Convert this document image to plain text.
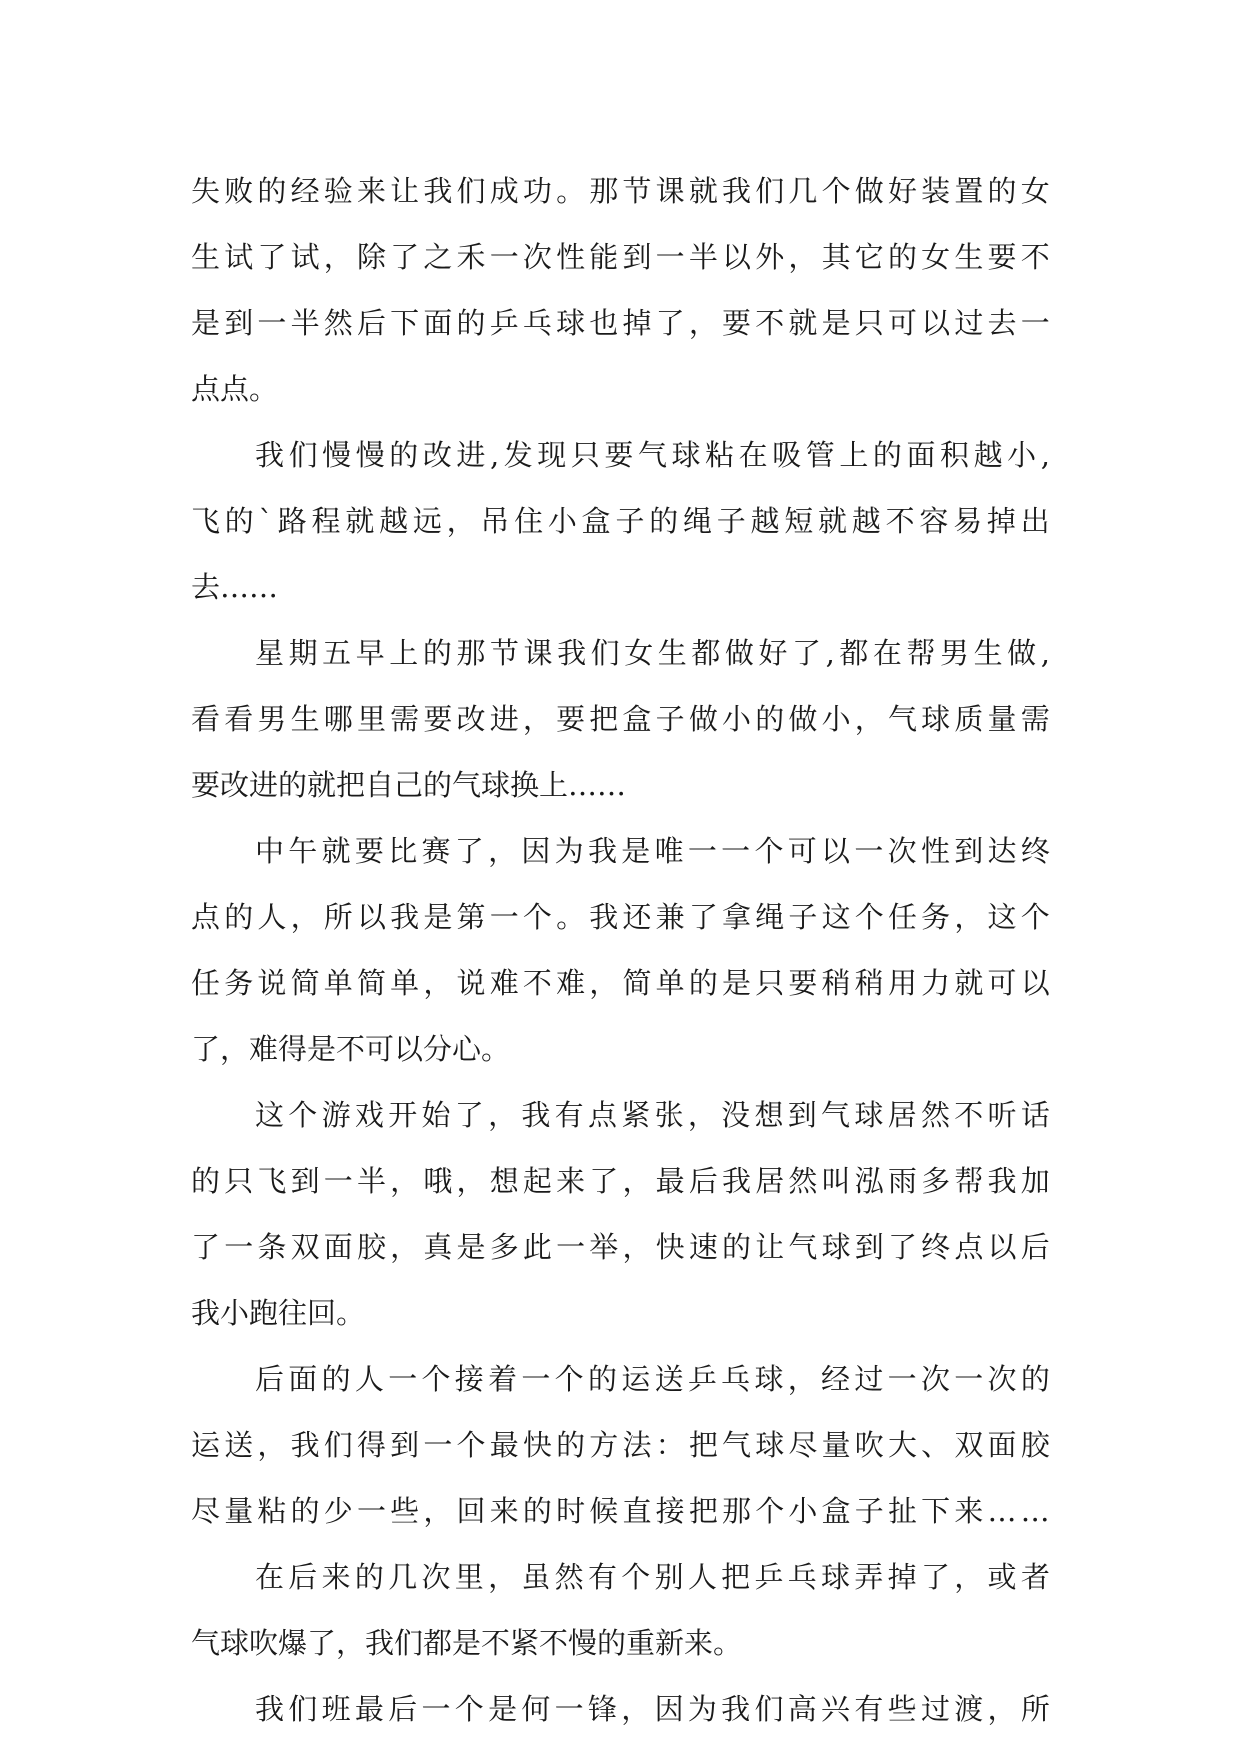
失 败 的 经 验 来 让 我 们 成 功 。 那 节 课 就 我 们 几 个 做 好 装 置 的 女
生 试 了 试 ， 除 了 之 禾 一 次 性 能 到 一 半 以 外 ， 其 它 的 女 生 要 不
是 到 一 半 然 后 下 面 的 乒 乓 球 也 掉 了 ， 要 不 就 是 只 可 以 过 去 一
点点。
我 们 慢 慢 的 改 进 , 发 现 只 要 气 球 粘 在 吸 管 上 的 面 积 越 小 ,
飞 的 ` 路 程 就 越 远 ， 吊 住 小 盒 子 的 绳 子 越 短 就 越 不 容 易 掉 出
去……
星 期 五 早 上 的 那 节 课 我 们 女 生 都 做 好 了 , 都 在 帮 男 生 做 ,
看 看 男 生 哪 里 需 要 改 进 ， 要 把 盒 子 做 小 的 做 小 ， 气 球 质 量 需
要改进的就把自己的气球换上……
中 午 就 要 比 赛 了 ， 因 为 我 是 唯 一 一 个 可 以 一 次 性 到 达 终
点 的 人 ， 所 以 我 是 第 一 个 。 我 还 兼 了 拿 绳 子 这 个 任 务 ， 这 个
任 务 说 简 单 简 单 ， 说 难 不 难 ， 简 单 的 是 只 要 稍 稍 用 力 就 可 以
了，难得是不可以分心。
这 个 游 戏 开 始 了 ， 我 有 点 紧 张 ， 没 想 到 气 球 居 然 不 听 话
的 只 飞 到 一 半 ， 哦 ， 想 起 来 了 ， 最 后 我 居 然 叫 泓 雨 多 帮 我 加
了 一 条 双 面 胶 ， 真 是 多 此 一 举 ， 快 速 的 让 气 球 到 了 终 点 以 后
我小跑往回。
后 面 的 人 一 个 接 着 一 个 的 运 送 乒 乓 球 ， 经 过 一 次 一 次 的
运 送 ， 我 们 得 到 一 个 最 快 的 方 法 ： 把 气 球 尽 量 吹 大 、 双 面 胶
尽 量 粘 的 少 一 些 ， 回 来 的 时 候 直 接 把 那 个 小 盒 子 扯 下 来 … …
在 后 来 的 几 次 里 ， 虽 然 有 个 别 人 把 乒 乓 球 弄 掉 了 ， 或 者
气球吹爆了，我们都是不紧不慢的重新来。
我 们 班 最 后 一 个 是 何 一 锋 ， 因 为 我 们 高 兴 有 些 过 渡 ， 所
